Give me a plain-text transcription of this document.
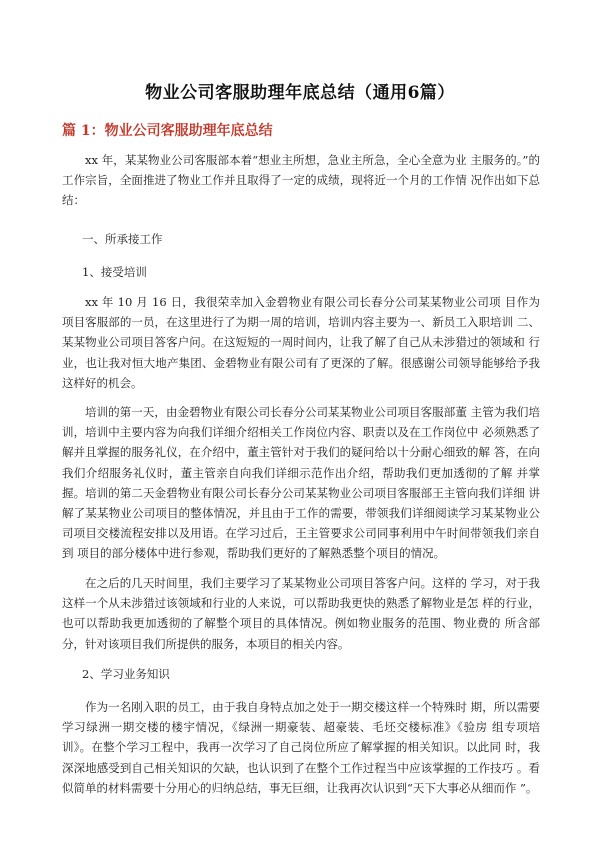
物业公司客服助理年底总结（通用6篇）
篇 1：物业公司客服助理年底总结

xx 年，某某物业公司客服部本着“想业主所想，急业主所急，全心全意为业 主服务的。”的工作宗旨，全面推进了物业工作并且取得了一定的成绩，现将近一个月的工作情 况作出如下总结：

一、所承接工作

1、接受培训

xx 年 10 月 16 日，我很荣幸加入金碧物业有限公司长春分公司某某物业公司项 目作为项目客服部的一员，在这里进行了为期一周的培训，培训内容主要为一、新员工入职培训 二、某某物业公司项目答客户问。在这短短的一周时间内，让我了解了自己从未涉猎过的领域和 行业，也让我对恒大地产集团、金碧物业有限公司有了更深的了解。很感谢公司领导能够给予我 这样好的机会。

培训的第一天，由金碧物业有限公司长春分公司某某物业公司项目客服部董 主管为我们培训，培训中主要内容为向我们详细介绍相关工作岗位内容、职责以及在工作岗位中 必须熟悉了解并且掌握的服务礼仪，在介绍中，董主管针对于我们的疑问给以十分耐心细致的解 答，在向我们介绍服务礼仪时，董主管亲自向我们详细示范作出介绍，帮助我们更加透彻的了解 并掌握。培训的第二天金碧物业有限公司长春分公司某某物业公司项目客服部王主管向我们详细 讲解了某某物业公司项目的整体情况，并且由于工作的需要，带领我们详细阅读学习某某物业公 司项目交楼流程安排以及用语。在学习过后，王主管要求公司同事利用中午时间带领我们亲自到 项目的部分楼体中进行参观，帮助我们更好的了解熟悉整个项目的情况。

在之后的几天时间里，我们主要学习了某某物业公司项目答客户问。这样的 学习，对于我这样一个从未涉猎过该领域和行业的人来说，可以帮助我更快的熟悉了解物业是怎 样的行业，也可以帮助我更加透彻的了解整个项目的具体情况。例如物业服务的范围、物业费的 所含部分，针对该项目我们所提供的服务，本项目的相关内容。

2、学习业务知识

作为一名刚入职的员工，由于我自身特点加之处于一期交楼这样一个特殊时 期，所以需要学习绿洲一期交楼的楼宇情况，《绿洲一期豪装、超豪装、毛坯交楼标准》《验房 组专项培训》。在整个学习工程中，我再一次学习了自己岗位所应了解掌握的相关知识。以此同 时，我深深地感受到自己相关知识的欠缺，也认识到了在整个工作过程当中应该掌握的工作技巧 。看似简单的材料需要十分用心的归纳总结，事无巨细，让我再次认识到“天下大事必从细而作 ”。
